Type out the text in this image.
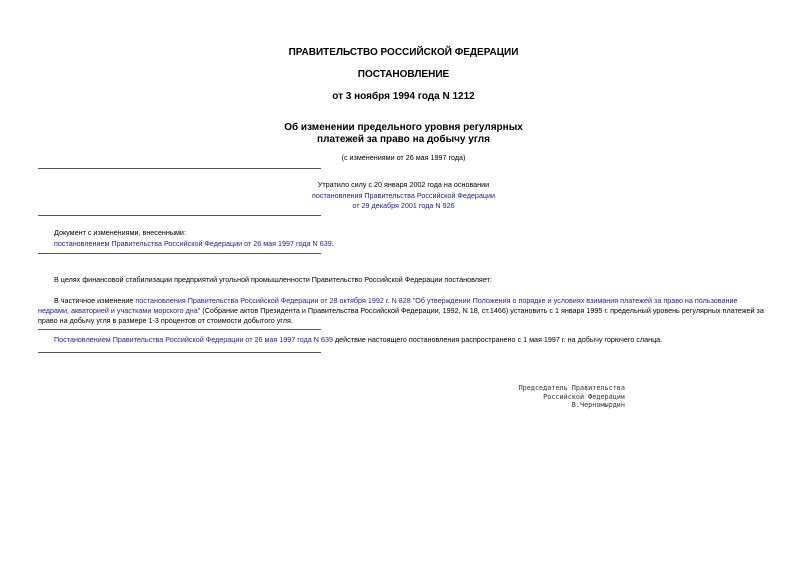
ПРАВИТЕЛЬСТВО РОССИЙСКОЙ ФЕДЕРАЦИИ
ПОСТАНОВЛЕНИЕ
от 3 ноября 1994 года N 1212
Об изменении предельного уровня регулярных
платежей за право на добычу угля
(с изменениями от 26 мая 1997 года)
Утратило силу с 20 января 2002 года на основании
постановления Правительства Российской Федерации
от 29 декабря 2001 года N 926
Документ с изменениями, внесенными:
постановлением Правительства Российской Федерации от 26 мая 1997 года N 639.
В целях финансовой стабилизации предприятий угольной промышленности Правительство Российской Федерации постановляет:
В частичное изменение постановления Правительства Российской Федерации от 28 октября 1992 г. N 828 "Об утверждении Положения о порядке и условиях взимания платежей за право на пользование недрами, акваторией и участками морского дна" (Собрание актов Президента и Правительства Российской Федерации, 1992, N 18, ст.1466) установить с 1 января 1995 г. предельный уровень регулярных платежей за право на добычу угля в размере 1-3 процентов от стоимости добытого угля.
Постановлением Правительства Российской Федерации от 26 мая 1997 года N 639 действие настоящего постановления распространено с 1 мая 1997 г. на добычу горючего сланца.
Председатель Правительства
Российской Федерации
В.Черномырдин
